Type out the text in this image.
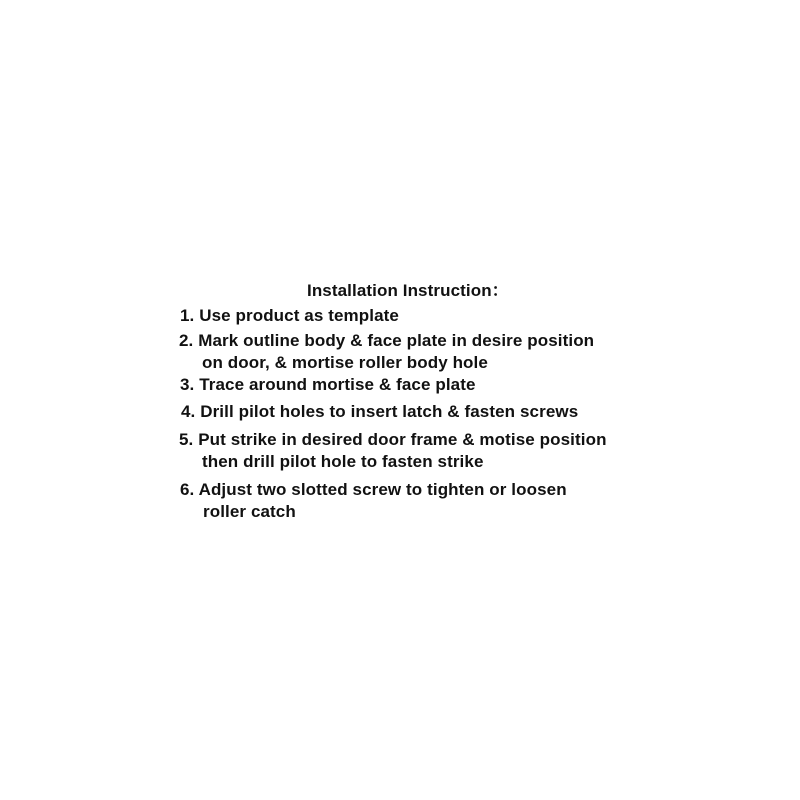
Installation Instruction：
1. Use product as template
2. Mark outline body & face plate in desire position
on door, & mortise roller body hole
3. Trace around mortise & face plate
4. Drill pilot holes to insert latch & fasten screws
5. Put strike in desired door frame & motise position
then drill pilot hole to fasten strike
6. Adjust two slotted screw to tighten or loosen
roller catch
